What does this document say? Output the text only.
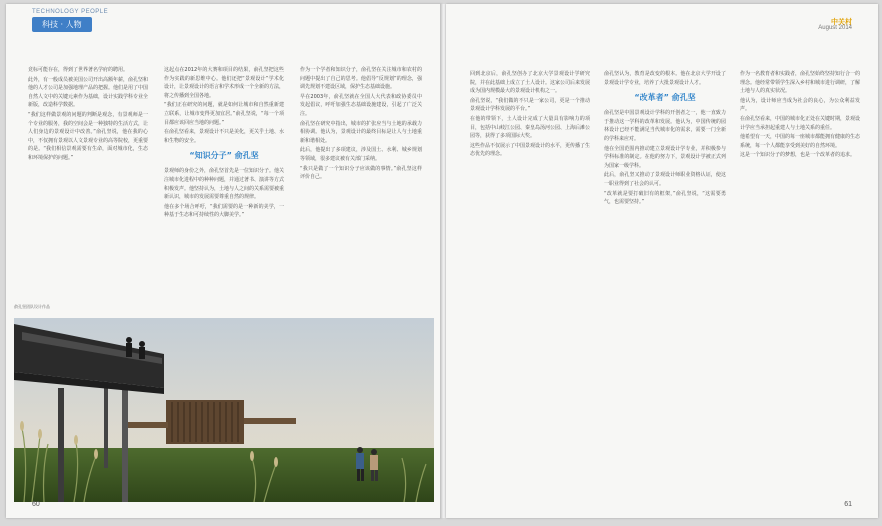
TECHNOLOGY PEOPLE
科技 · 人物

竞标可能存在，得到了世界著名学府的聘用。

此外，有一般成员被美国公司开出高额年薪，俞孔坚和他的人才公司是加强地理产品的把握。他们是用了中国自然人文中的关键元素作为基础，设计实践学科专业全新版，改造科学数据。

“我们这样做景观的问题的判断是观念，有景观师是一个专业的服务，我的空间会是一种独特的生活方式，让人们身边的景观设计中改善。”俞孔坚说，他在我的心中，不仅拥有景观以人文景观专业的高等院校，更重要的是。“我们相信景观需要有生命，面对城市化，生态和环境保护的问题。”

这起点在2012年的大赛和项目的结果，俞孔坚把这些作为实践的新思维中心。他们还把“景观设计”学术化设计，让景观设计的语言和学术形成一个全新的方法，将之传播到全国各地。

“我们正在研究的问题，就是如何让城市和自然重新建立联系，让城市变得更加宜居。”俞孔坚说，“每一个项目都应该回应当地的问题。”

在俞孔坚看来，景观设计不只是美化，更关乎土地、水和生物的安全。

“知识分子” 俞孔坚

景观师的身份之外，俞孔坚首先是一位知识分子。他关注城市化进程中的种种问题，并通过著书、演讲等方式积极发声。他坚持认为，土地与人之间的关系需要被重新认识，城市的发展需要尊重自然的规律。

他在多个场合呼吁，“我们需要的是一种新的美学，一种基于生态和可持续性的大脚美学。”

作为一个学者和知识分子，俞孔坚在关注城市和农村的问题中提出了自己的思考。他倡导“反规划”的理念，强调先规划不建设区域，保护生态基础设施。

早在2003年，俞孔坚就在全国人大代表和政协委员中发起倡议，呼吁加强生态基础设施建设，引起了广泛关注。

俞孔坚在研究中指出，城市的扩张应当与土地的承载力相协调。他认为，景观设计的最终目标是让人与土地重新和谐相处。

此后，他提出了多项建议，涉及国土、水利、城乡规划等领域，很多建议被有关部门采纳。

“我只是做了一个知识分子应该做的事情。”俞孔坚这样评价自己。

俞孔坚团队设计作品
60
中关村
August 2014

回到北京后，俞孔坚创办了北京大学景观设计学研究院，并在此基础上成立了土人设计。这家公司后来发展成为国内规模最大的景观设计机构之一。

俞孔坚说，“我们做的不只是一家公司，更是一个推动景观设计学科发展的平台。”

在他的带领下，土人设计完成了大量具有影响力的项目，包括中山岐江公园、秦皇岛汤河公园、上海后滩公园等，获得了多项国际大奖。

这些作品不仅展示了中国景观设计的水平，更传播了生态优先的理念。

俞孔坚认为，教育是改变的根本。他在北京大学开设了景观设计学专业，培养了大批景观设计人才。

“改革者” 俞孔坚

俞孔坚是中国景观设计学科的开创者之一，他一直致力于推动这一学科的改革和发展。他认为，中国传统的园林设计已经不能满足当代城市化的需求，需要一门全新的学科来应对。

他在全国范围内推动建立景观设计学专业，并积极参与学科标准的制定。在他的努力下，景观设计学被正式列为国家一级学科。

此后，俞孔坚又推动了景观设计师职业资格认证，使这一职业得到了社会的认可。

“改革就是要打破旧有的框架，”俞孔坚说，“这需要勇气，也需要坚持。”

作为一名教育者和实践者，俞孔坚始终坚持知行合一的理念。他经常带领学生深入乡村和城市进行调研，了解土地与人的真实状况。

他认为，设计师应当成为社会的良心，为公众利益发声。

在俞孔坚看来，中国的城市化正处在关键时期，景观设计学应当承担起重建人与土地关系的重任。

他希望有一天，中国的每一座城市都能拥有健康的生态系统，每一个人都能享受到美好的自然环境。

这是一个知识分子的梦想，也是一个改革者的追求。

61
